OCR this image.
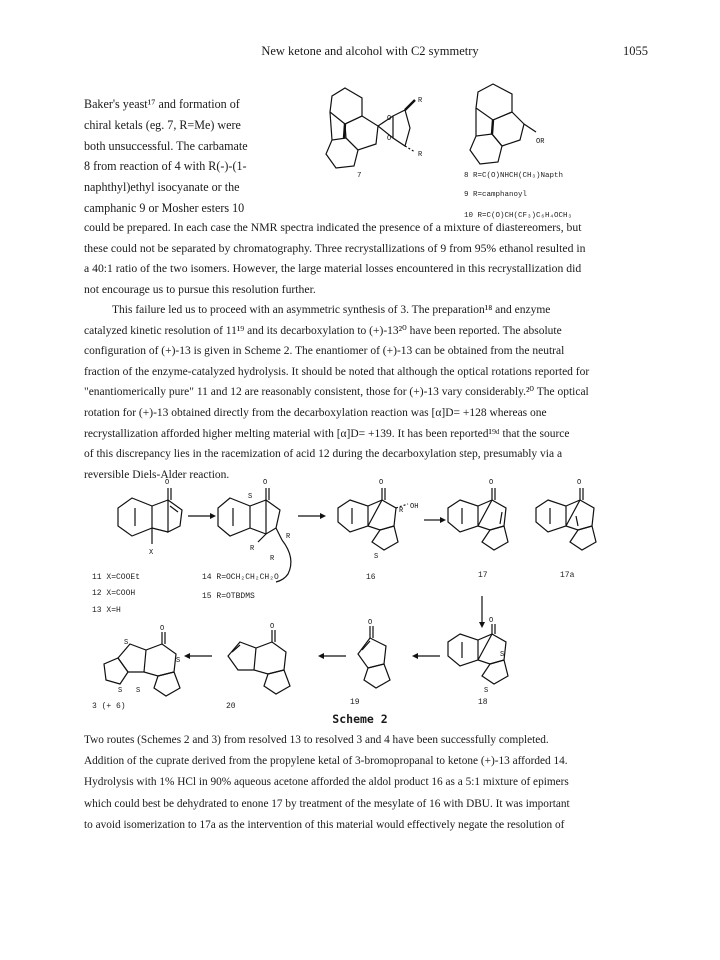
New ketone and alcohol with C2 symmetry	1055
Baker's yeast¹⁷ and formation of
chiral ketals (eg. 7, R=Me) were
both unsuccessful. The carbamate
8 from reaction of 4 with R(-)-(1-
naphthyl)ethyl isocyanate or the
camphanic 9 or Mosher esters 10
O
O
R
R
OR
7	8 R=C(O)NHCH(CH₃)Napth
9 R=camphanoyl
10 R=C(O)CH(CF₃)C₆H₄OCH₃
could be prepared. In each case the NMR spectra indicated the presence of a mixture of diastereomers, but
these could not be separated by chromatography. Three recrystallizations of 9 from 95% ethanol resulted in
a 40:1 ratio of the two isomers. However, the large material losses encountered in this recrystallization did
not encourage us to pursue this resolution further.
This failure led us to proceed with an asymmetric synthesis of 3. The preparation¹⁸ and enzyme
catalyzed kinetic resolution of 11¹⁹ and its decarboxylation to (+)-13²⁰ have been reported. The absolute
configuration of (+)-13 is given in Scheme 2. The enantiomer of (+)-13 can be obtained from the neutral
fraction of the enzyme-catalyzed hydrolysis. It should be noted that although the optical rotations reported for
"enantiomerically pure" 11 and 12 are reasonably consistent, those for (+)-13 vary considerably.²⁰ The optical
rotation for (+)-13 obtained directly from the decarboxylation reaction was [α]D= +128 whereas one
recrystallization afforded higher melting material with [α]D= +139. It has been reported¹⁹ᵈ that the source
of this discrepancy lies in the racemization of acid 12 during the decarboxylation step, presumably via a
reversible Diels-Alder reaction.
O
X
S
O
R
R
R
O
R OH
S
O	O
O
S
S
O
O
O
S
S
S S
11 X=COOEt
12 X=COOH
13 X=H
14 R=OCH₂CH₂CH₂O
15 R=OTBDMS
16	17	17a
3 (+ 6)	20	19	18
Scheme 2
Two routes (Schemes 2 and 3) from resolved 13 to resolved 3 and 4 have been successfully completed.
Addition of the cuprate derived from the propylene ketal of 3-bromopropanal to ketone (+)-13 afforded 14.
Hydrolysis with 1% HCl in 90% aqueous acetone afforded the aldol product 16 as a 5:1 mixture of epimers
which could best be dehydrated to enone 17 by treatment of the mesylate of 16 with DBU. It was important
to avoid isomerization to 17a as the intervention of this material would effectively negate the resolution of
